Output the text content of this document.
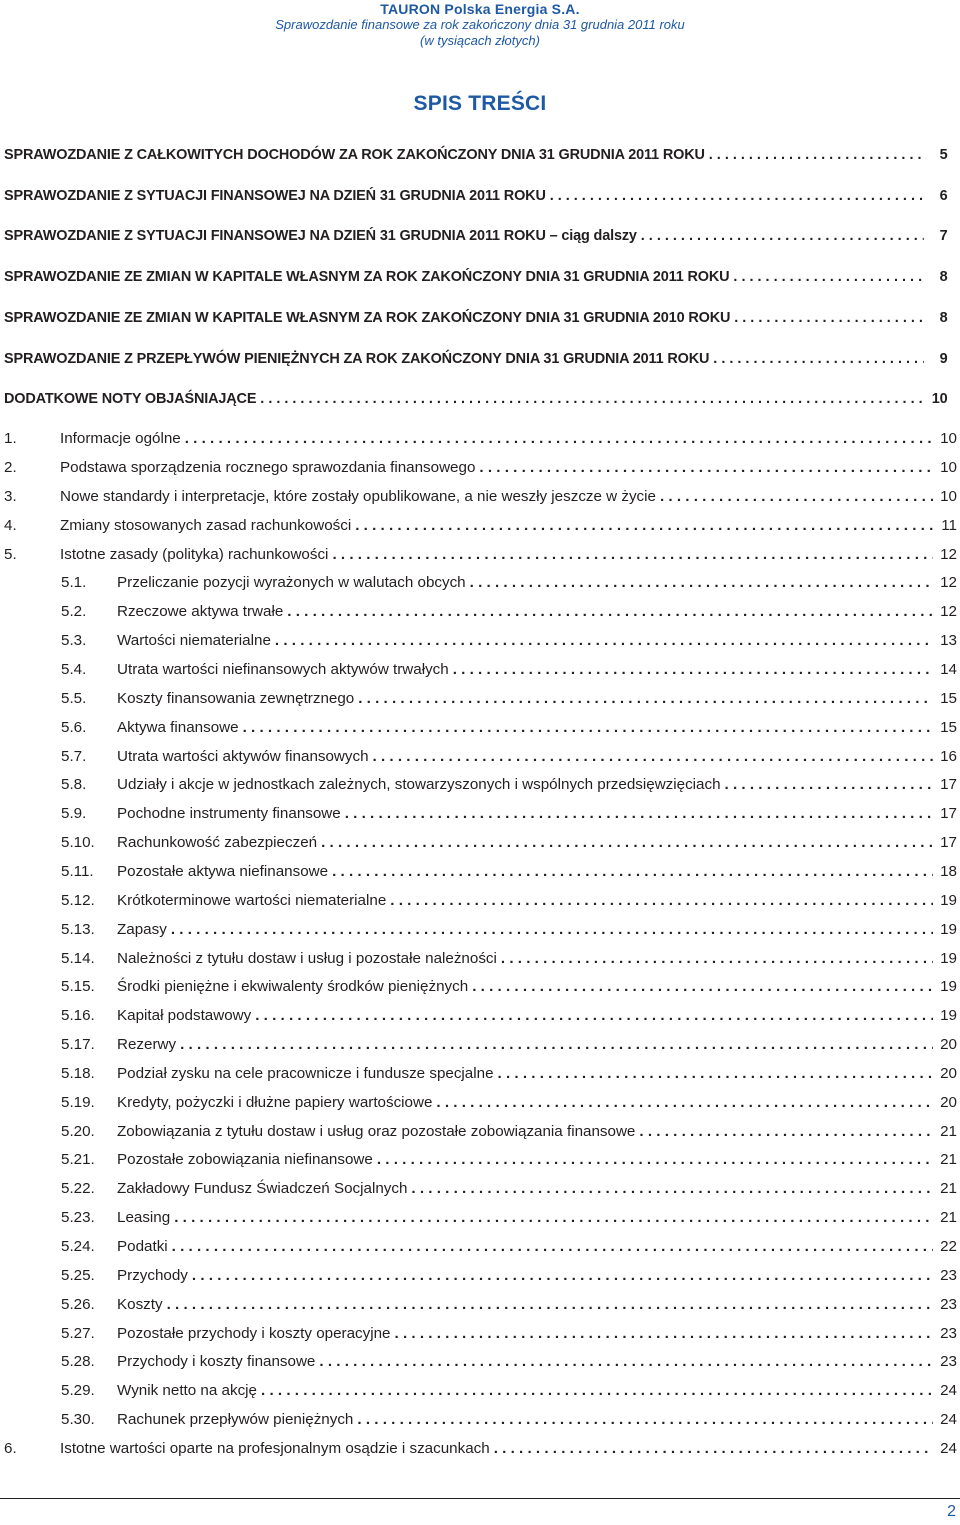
TAURON Polska Energia S.A.
Sprawozdanie finansowe za rok zakończony dnia 31 grudnia 2011 roku
(w tysiącach złotych)
SPIS TREŚCI
SPRAWOZDANIE Z CAŁKOWITYCH DOCHODÓW ZA ROK ZAKOŃCZONY DNIA 31 GRUDNIA 2011 ROKU . . .	5
SPRAWOZDANIE Z SYTUACJI FINANSOWEJ NA DZIEŃ 31 GRUDNIA 2011 ROKU . . .	6
SPRAWOZDANIE Z SYTUACJI FINANSOWEJ NA DZIEŃ 31 GRUDNIA 2011 ROKU – ciąg dalszy . . .	7
SPRAWOZDANIE ZE ZMIAN W KAPITALE WŁASNYM ZA ROK ZAKOŃCZONY DNIA 31 GRUDNIA 2011 ROKU . . .	8
SPRAWOZDANIE ZE ZMIAN W KAPITALE WŁASNYM ZA ROK ZAKOŃCZONY DNIA 31 GRUDNIA 2010 ROKU . . .	8
SPRAWOZDANIE Z PRZEPŁYWÓW PIENIĘŻNYCH ZA ROK ZAKOŃCZONY DNIA 31 GRUDNIA 2011 ROKU . . .	9
DODATKOWE NOTY OBJAŚNIAJĄCE . . .	10
1.	Informacje ogólne . . .	10
2.	Podstawa sporządzenia rocznego sprawozdania finansowego . . .	10
3.	Nowe standardy i interpretacje, które zostały opublikowane, a nie weszły jeszcze w życie . . .	10
4.	Zmiany stosowanych zasad rachunkowości . . .	11
5.	Istotne zasady (polityka) rachunkowości . . .	12
5.1.	Przeliczanie pozycji wyrażonych w walutach obcych . . .	12
5.2.	Rzeczowe aktywa trwałe . . .	12
5.3.	Wartości niematerialne . . .	13
5.4.	Utrata wartości niefinansowych aktywów trwałych . . .	14
5.5.	Koszty finansowania zewnętrznego . . .	15
5.6.	Aktywa finansowe . . .	15
5.7.	Utrata wartości aktywów finansowych . . .	16
5.8.	Udziały i akcje w jednostkach zależnych, stowarzyszonych i wspólnych przedsięwzięciach . . .	17
5.9.	Pochodne instrumenty finansowe . . .	17
5.10.	Rachunkowość zabezpieczeń . . .	17
5.11.	Pozostałe aktywa niefinansowe . . .	18
5.12.	Krótkoterminowe wartości niematerialne . . .	19
5.13.	Zapasy . . .	19
5.14.	Należności z tytułu dostaw i usług i pozostałe należności . . .	19
5.15.	Środki pieniężne i ekwiwalenty środków pieniężnych . . .	19
5.16.	Kapitał podstawowy . . .	19
5.17.	Rezerwy . . .	20
5.18.	Podział zysku na cele pracownicze i fundusze specjalne . . .	20
5.19.	Kredyty, pożyczki i dłużne papiery wartościowe . . .	20
5.20.	Zobowiązania z tytułu dostaw i usług oraz pozostałe zobowiązania finansowe . . .	21
5.21.	Pozostałe zobowiązania niefinansowe . . .	21
5.22.	Zakładowy Fundusz Świadczeń Socjalnych . . .	21
5.23.	Leasing . . .	21
5.24.	Podatki . . .	22
5.25.	Przychody . . .	23
5.26.	Koszty . . .	23
5.27.	Pozostałe przychody i koszty operacyjne . . .	23
5.28.	Przychody i koszty finansowe . . .	23
5.29.	Wynik netto na akcję . . .	24
5.30.	Rachunek przepływów pieniężnych . . .	24
6.	Istotne wartości oparte na profesjonalnym osądzie i szacunkach . . .	24
2
